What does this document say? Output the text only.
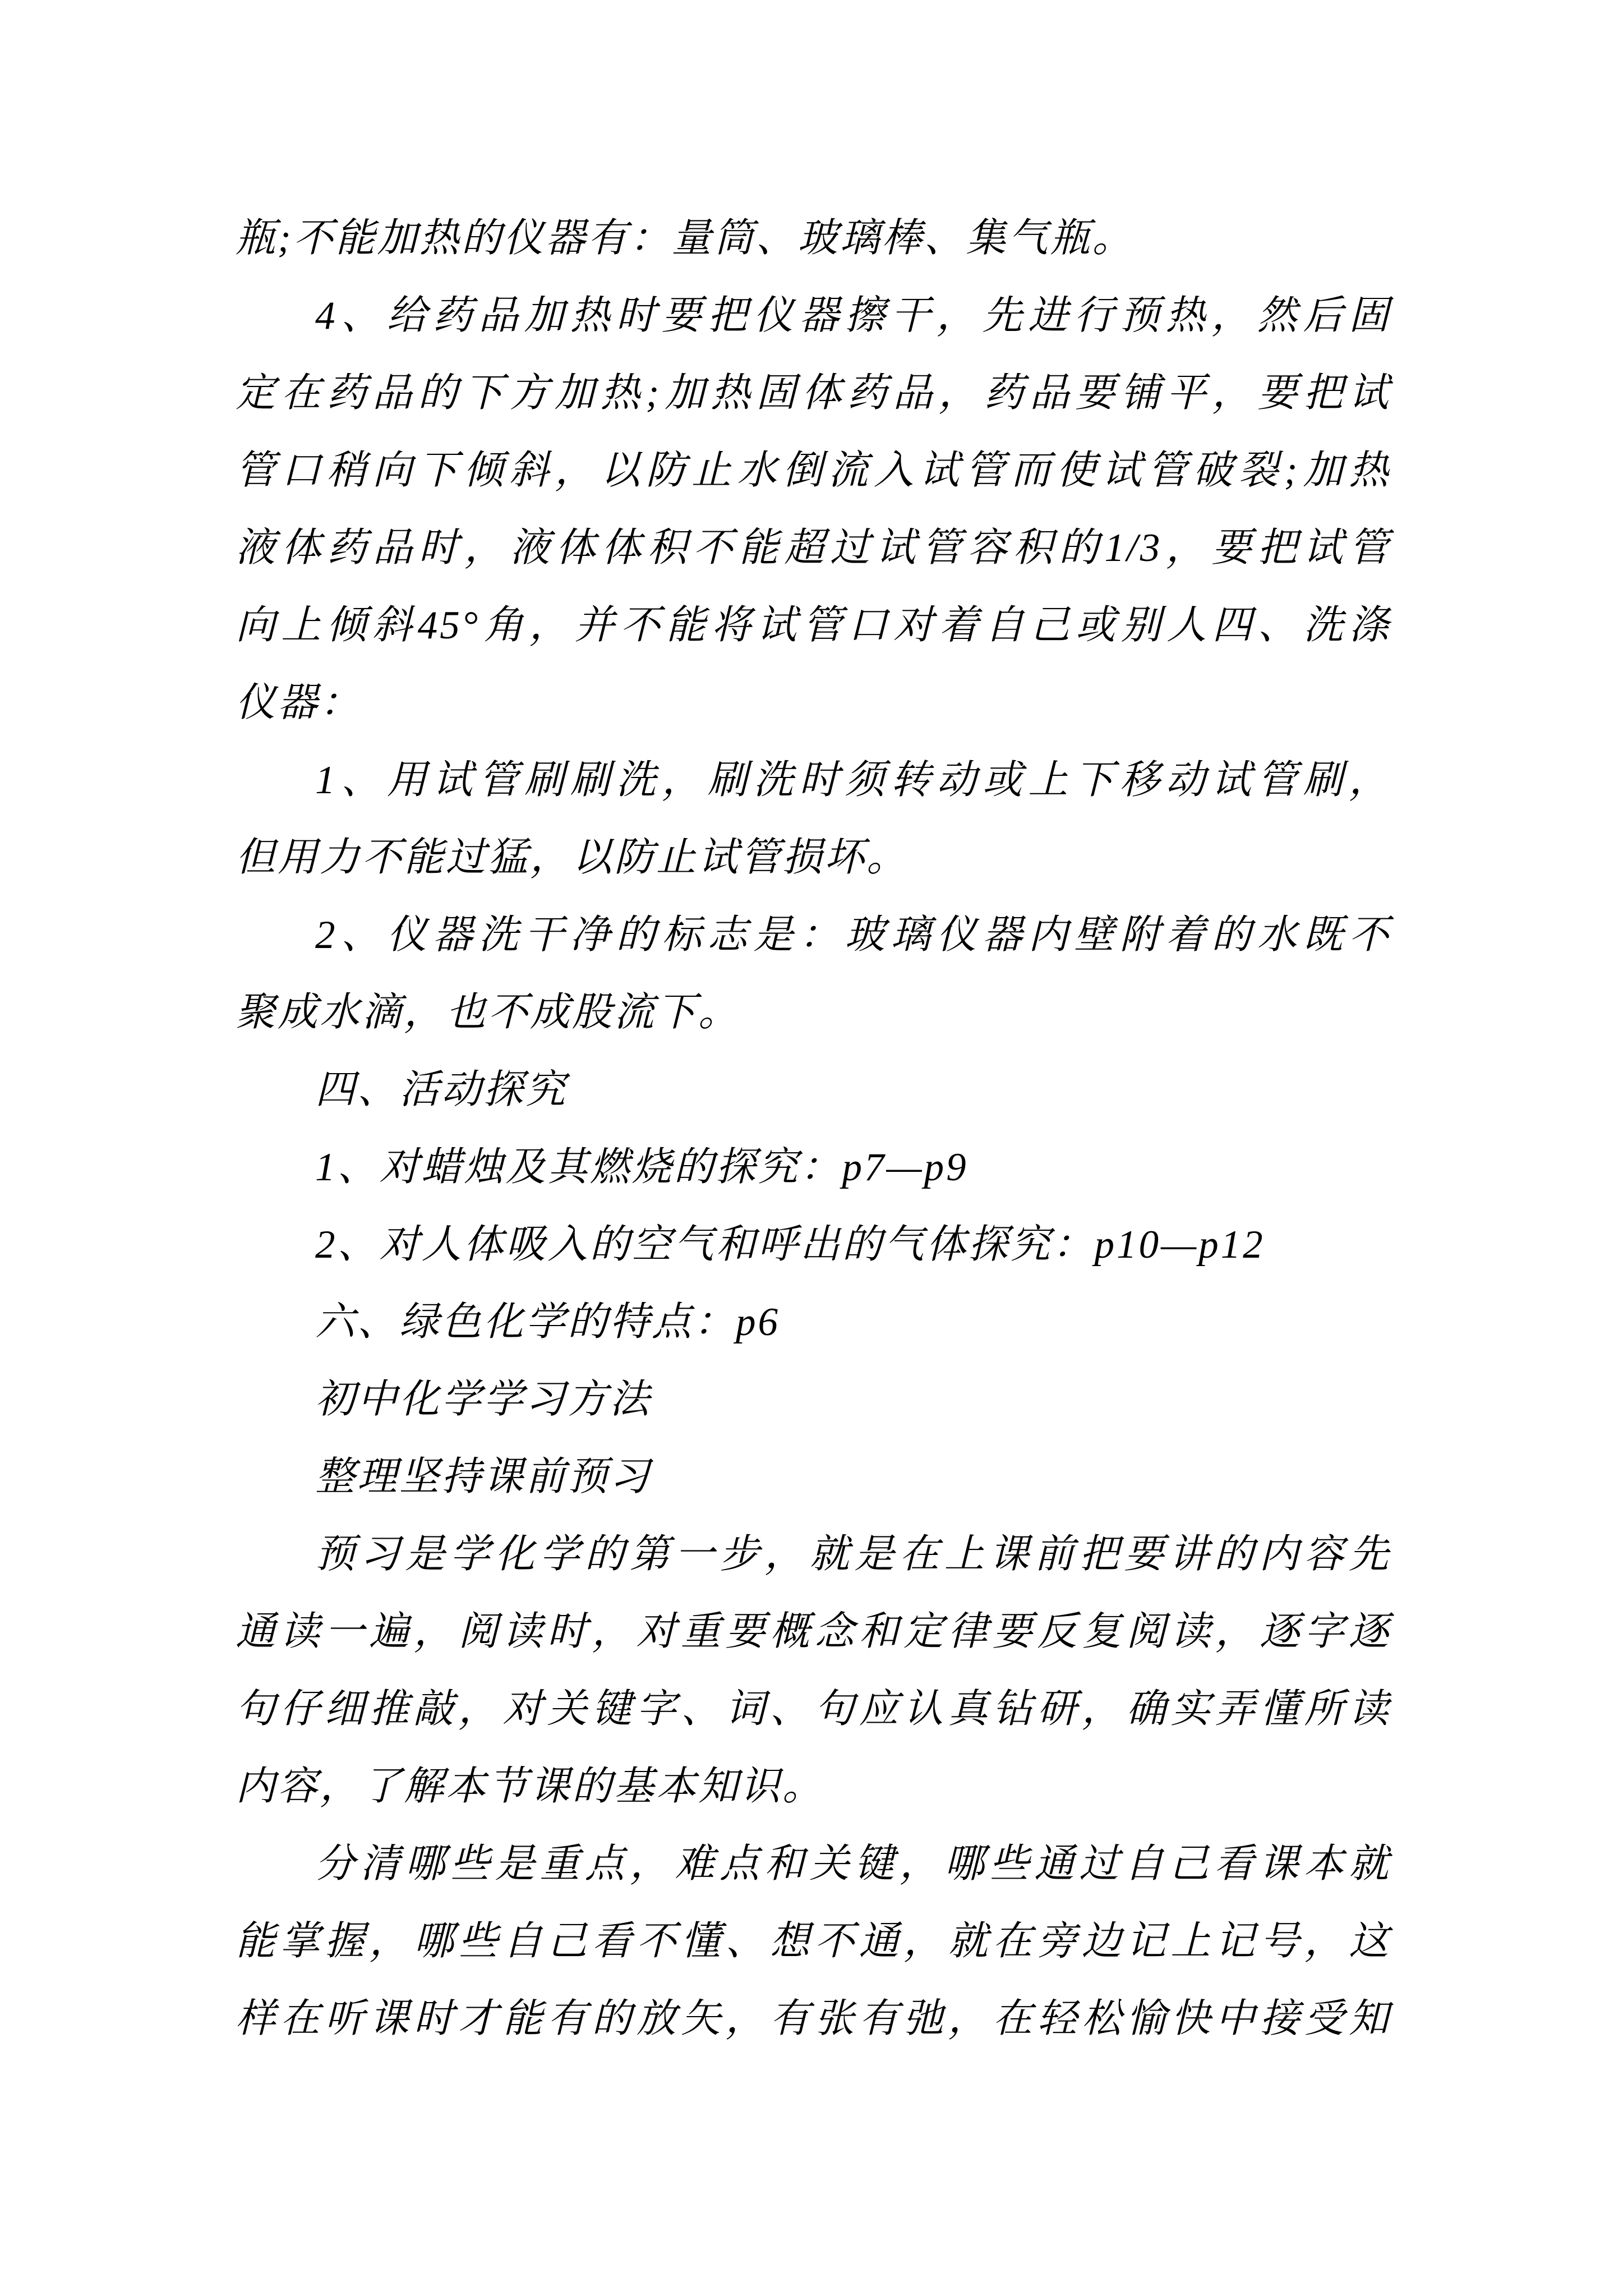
瓶;不能加热的仪器有：量筒、玻璃棒、集气瓶。
4、给药品加热时要把仪器擦干，先进行预热，然后固
定在药品的下方加热;加热固体药品，药品要铺平，要把试
管口稍向下倾斜，以防止水倒流入试管而使试管破裂;加热
液体药品时，液体体积不能超过试管容积的1/3，要把试管
向上倾斜45°角，并不能将试管口对着自己或别人四、洗涤
仪器：
1、用试管刷刷洗，刷洗时须转动或上下移动试管刷，
但用力不能过猛，以防止试管损坏。
2、仪器洗干净的标志是：玻璃仪器内壁附着的水既不
聚成水滴，也不成股流下。
四、活动探究
1、对蜡烛及其燃烧的探究：p7—p9
2、对人体吸入的空气和呼出的气体探究：p10—p12
六、绿色化学的特点：p6
初中化学学习方法
整理坚持课前预习
预习是学化学的第一步，就是在上课前把要讲的内容先
通读一遍，阅读时，对重要概念和定律要反复阅读，逐字逐
句仔细推敲，对关键字、词、句应认真钻研，确实弄懂所读
内容，了解本节课的基本知识。
分清哪些是重点，难点和关键，哪些通过自己看课本就
能掌握，哪些自己看不懂、想不通，就在旁边记上记号，这
样在听课时才能有的放矢，有张有弛，在轻松愉快中接受知
